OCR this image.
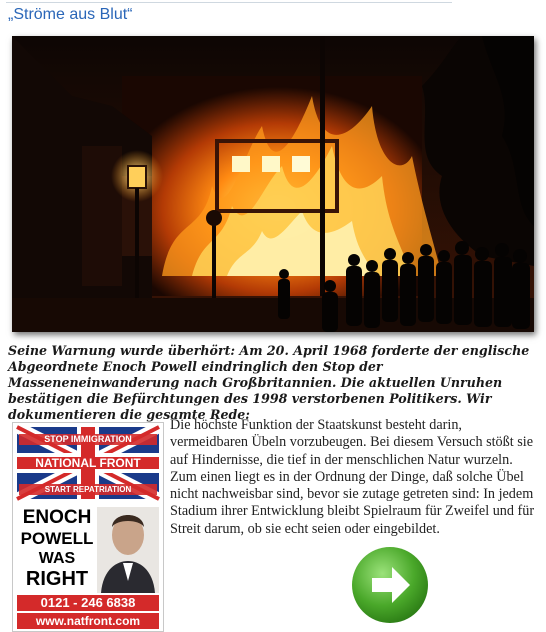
„Ströme aus Blut“

Seine Warnung wurde überhört: Am 20. April 1968 forderte der englische Abgeordnete Enoch Powell eindringlich den Stop der Masseneneinwanderung nach Großbritannien. Die aktuellen Unruhen bestätigen die Befürchtungen des 1998 verstorbenen Politikers. Wir dokumentieren die gesamte Rede:

STOP IMMIGRATION
NATIONAL FRONT
START REPATRIATION
ENOCH
POWELL
WAS
RIGHT
0121 - 246 6838
www.natfront.com

Die höchste Funktion der Staatskunst besteht darin, vermeidbaren Übeln vorzubeugen. Bei diesem Versuch stößt sie auf Hindernisse, die tief in der menschlichen Natur wurzeln. Zum einen liegt es in der Ordnung der Dinge, daß solche Übel nicht nachweisbar sind, bevor sie zutage getreten sind: In jedem Stadium ihrer Entwicklung bleibt Spielraum für Zweifel und für Streit darum, ob sie echt seien oder eingebildet.
